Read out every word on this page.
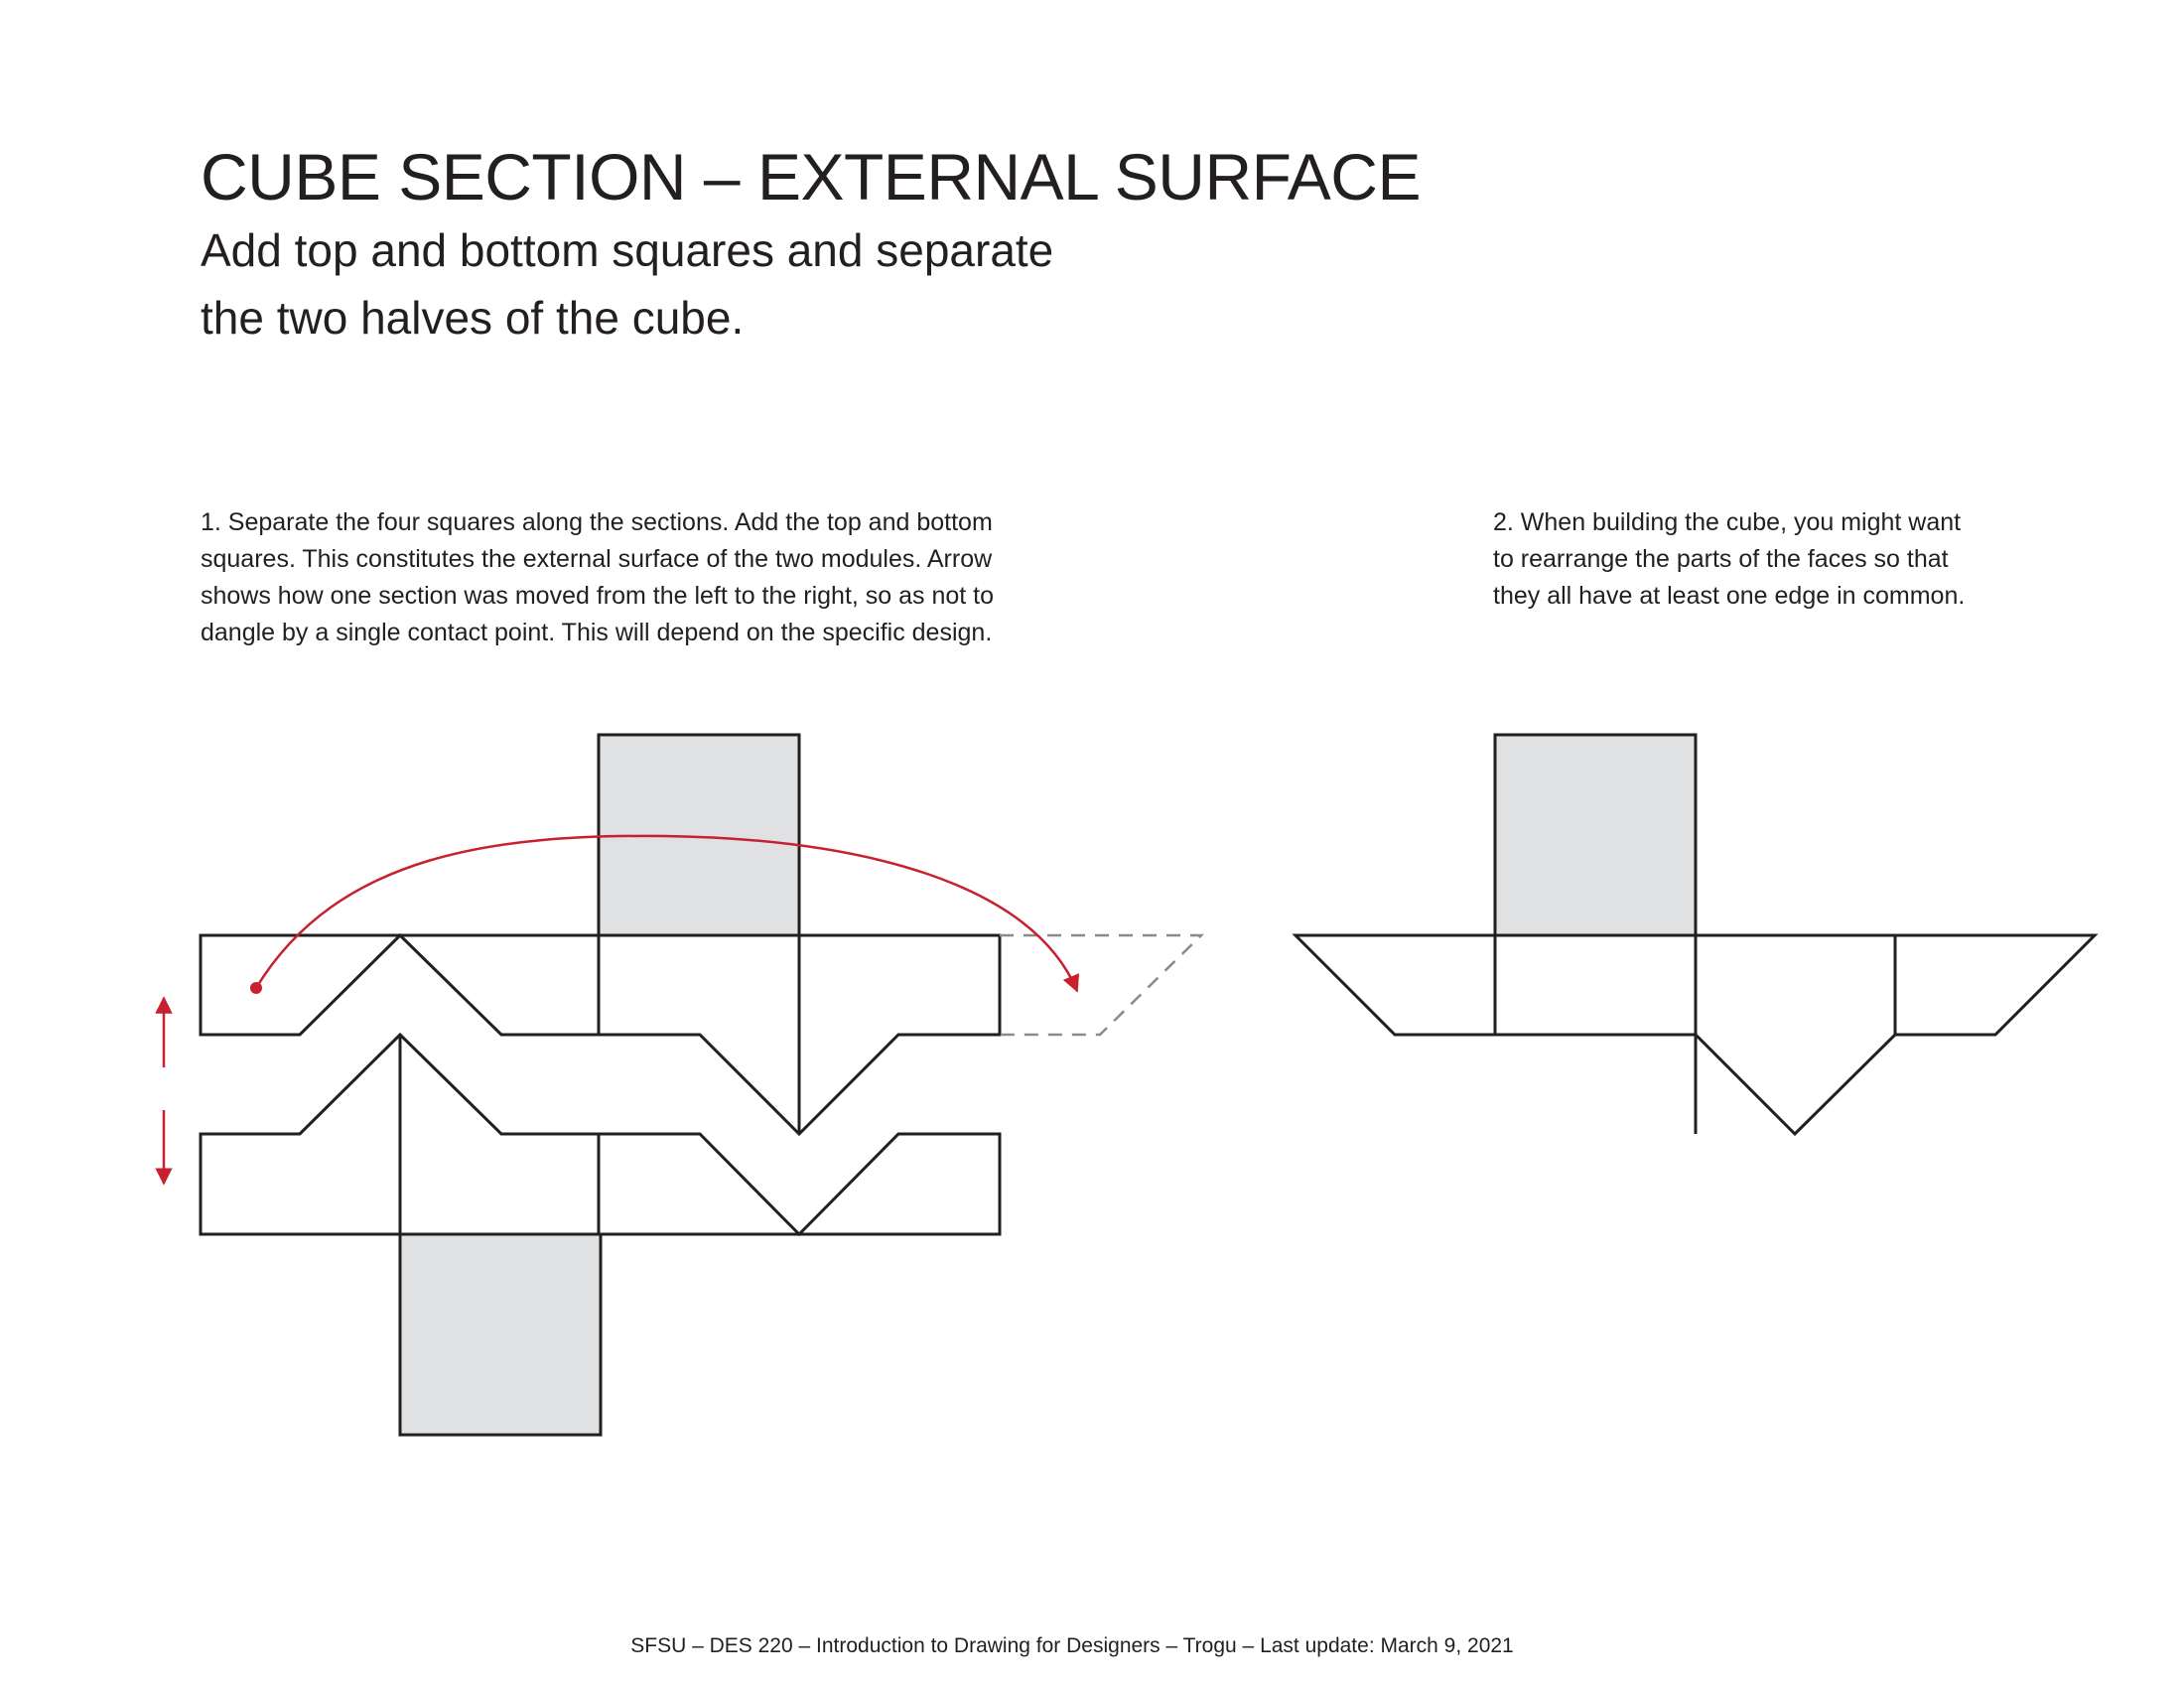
CUBE SECTION – EXTERNAL SURFACE
Add top and bottom squares and separate
the two halves of the cube.
1. Separate the four squares along the sections. Add the top and bottom
squares. This constitutes the external surface of the two modules. Arrow
shows how one section was moved from the left to the right, so as not to
dangle by a single contact point. This will depend on the specific design.
2. When building the cube, you might want
to rearrange the parts of the faces so that
they all have at least one edge in common.
SFSU – DES 220 – Introduction to Drawing for Designers – Trogu – Last update: March 9, 2021
